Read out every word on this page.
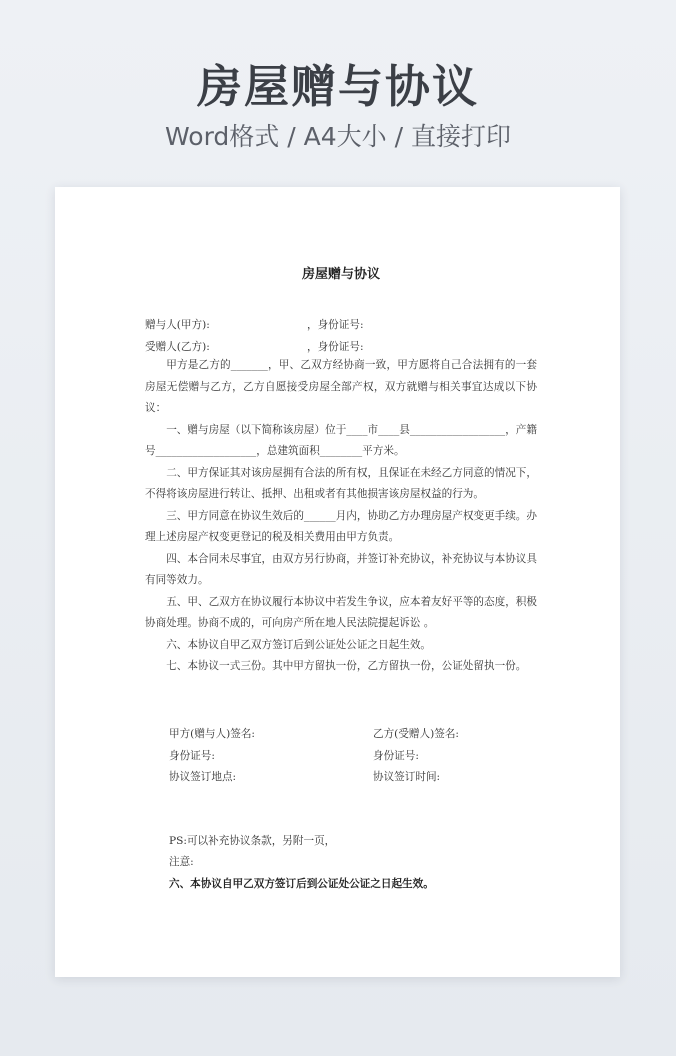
房屋赠与协议
Word格式 / A4大小 / 直接打印
房屋赠与协议
赠与人(甲方):	，身份证号:
受赠人(乙方):	，身份证号:

甲方是乙方的_______，甲、乙双方经协商一致，甲方愿将自己合法拥有的一套房屋无偿赠与乙方，乙方自愿接受房屋全部产权，双方就赠与相关事宜达成以下协议：

一、赠与房屋（以下简称该房屋）位于____市____县__________________，产籍号___________________，总建筑面积________平方米。

二、甲方保证其对该房屋拥有合法的所有权，且保证在未经乙方同意的情况下，不得将该房屋进行转让、抵押、出租或者有其他损害该房屋权益的行为。

三、甲方同意在协议生效后的______月内，协助乙方办理房屋产权变更手续。办理上述房屋产权变更登记的税及相关费用由甲方负责。

四、本合同未尽事宜，由双方另行协商，并签订补充协议，补充协议与本协议具有同等效力。

五、甲、乙双方在协议履行本协议中若发生争议，应本着友好平等的态度，积极协商处理。协商不成的，可向房产所在地人民法院提起诉讼 。

六、本协议自甲乙双方签订后到公证处公证之日起生效。

七、本协议一式三份。其中甲方留执一份，乙方留执一份，公证处留执一份。

甲方(赠与人)签名:	乙方(受赠人)签名:
身份证号:	身份证号:
协议签订地点:	协议签订时间:
PS:可以补充协议条款，另附一页，
注意:
六、本协议自甲乙双方签订后到公证处公证之日起生效。
